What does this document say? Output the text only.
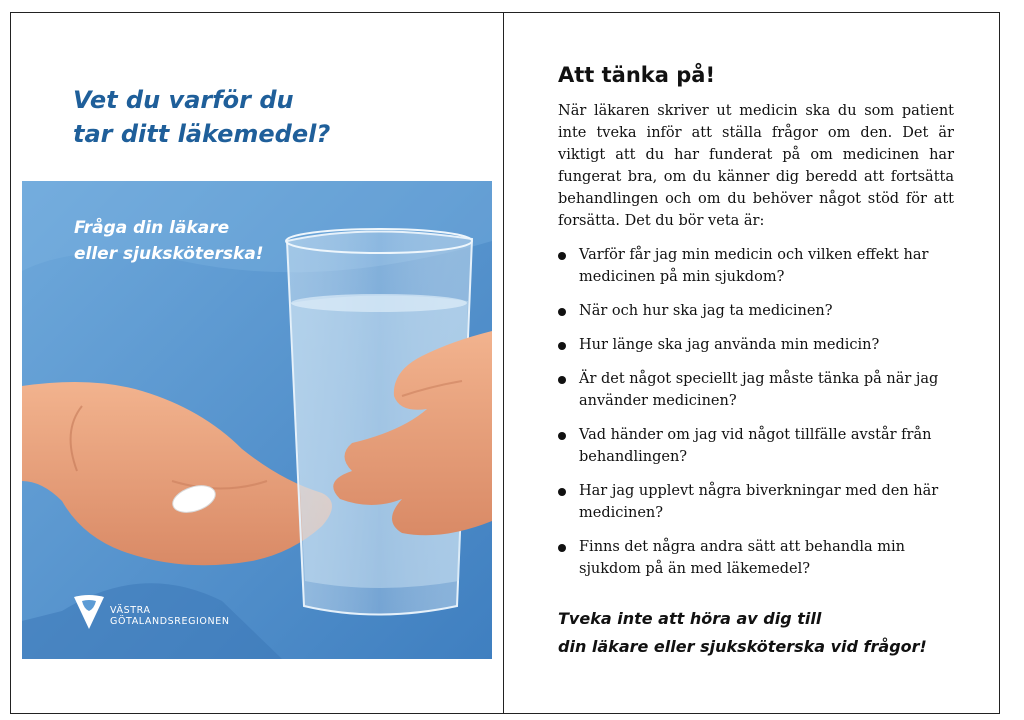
Vet du varför du
tar ditt läkemedel?
Fråga din läkare
eller sjuksköterska!
VÄSTRA
GÖTALANDSREGIONEN
Att tänka på!

När läkaren skriver ut medicin ska du som patient inte tveka inför att ställa frågor om den. Det är viktigt att du har funderat på om medicinen har fungerat bra, om du känner dig beredd att fortsätta behandlingen och om du behöver något stöd för att forsätta. Det du bör veta är:

Varför får jag min medicin och vilken effekt har medicinen på min sjukdom?
När och hur ska jag ta medicinen?
Hur länge ska jag använda min medicin?
Är det något speciellt jag måste tänka på när jag använder medicinen?
Vad händer om jag vid något tillfälle avstår från behandlingen?
Har jag upplevt några biverkningar med den här medicinen?
Finns det några andra sätt att behandla min sjukdom på än med läkemedel?
Tveka inte att höra av dig till
din läkare eller sjuksköterska vid frågor!
